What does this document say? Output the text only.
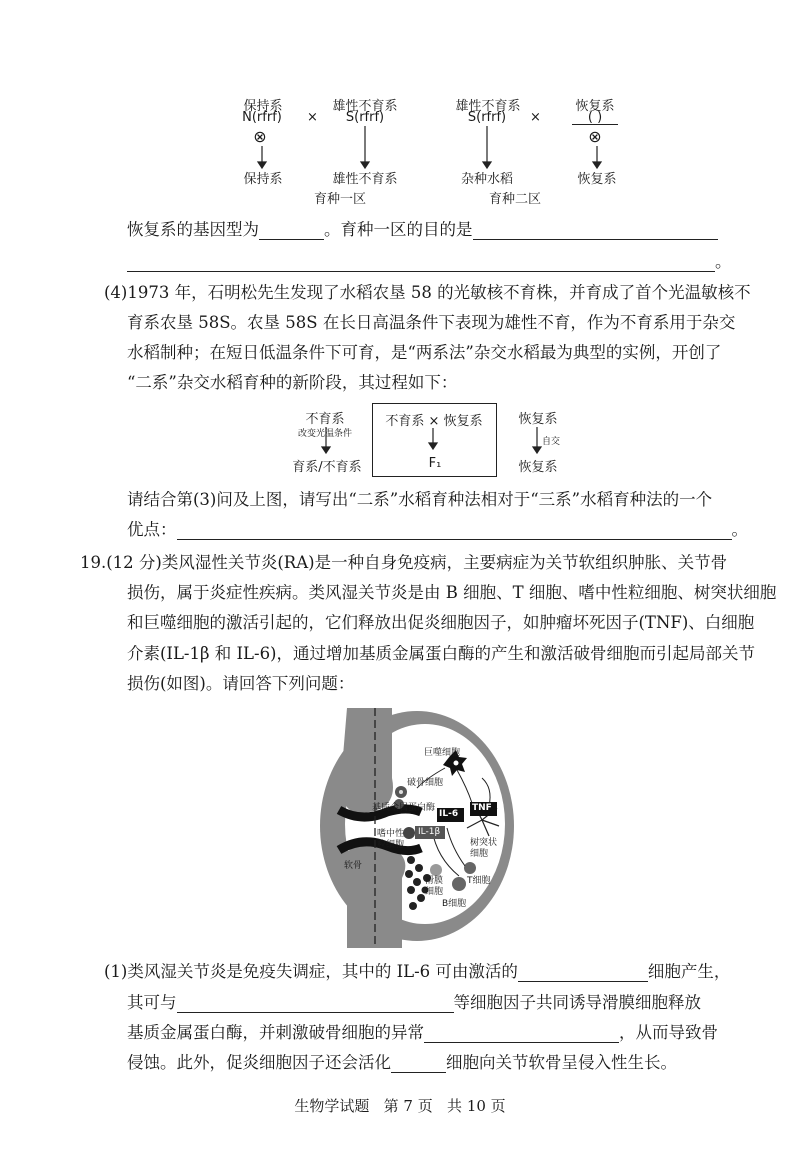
保持系
N(rfrf)
⊗
×
雄性不育系
S(rfrf)
雄性不育系
S(rfrf)	×
恢复系
( )
⊗
保持系	雄性不育系	杂种水稻	恢复系
育种一区	育种二区
恢复系的基因型为	。育种一区的目的是
。
(4)1973 年，石明松先生发现了水稻农垦 58 的光敏核不育株，并育成了首个光温敏核不
育系农垦 58S。农垦 58S 在长日高温条件下表现为雄性不育，作为不育系用于杂交
水稻制种；在短日低温条件下可育，是“两系法”杂交水稻最为典型的实例，开创了
“二系”杂交水稻育种的新阶段，其过程如下：
不育系
改变光温条件
育系/不育系
不育系 × 恢复系
F₁
恢复系
自交
恢复系
请结合第(3)问及上图，请写出“二系”水稻育种法相对于“三系”水稻育种法的一个
优点：	。
19.(12 分)类风湿性关节炎(RA)是一种自身免疫病，主要病症为关节软组织肿胀、关节骨
损伤，属于炎症性疾病。类风湿关节炎是由 B 细胞、T 细胞、嗜中性粒细胞、树突状细胞
和巨噬细胞的激活引起的，它们释放出促炎细胞因子，如肿瘤坏死因子(TNF)、白细胞
介素(IL-1β 和 IL-6)，通过增加基质金属蛋白酶的产生和激活破骨细胞而引起局部关节
损伤(如图)。请回答下列问题：
巨噬细胞
破骨细胞
基质金属蛋白酶
IL-6
TNF
IL-1β
嗜中性粒细胞	树突状细胞
软骨
滑膜细胞
T细胞
B细胞
(1)类风湿关节炎是免疫失调症，其中的 IL-6 可由激活的	细胞产生，
其可与	等细胞因子共同诱导滑膜细胞释放
基质金属蛋白酶，并刺激破骨细胞的异常	，从而导致骨
侵蚀。此外，促炎细胞因子还会活化	细胞向关节软骨呈侵入性生长。
生物学试题 第 7 页 共 10 页
